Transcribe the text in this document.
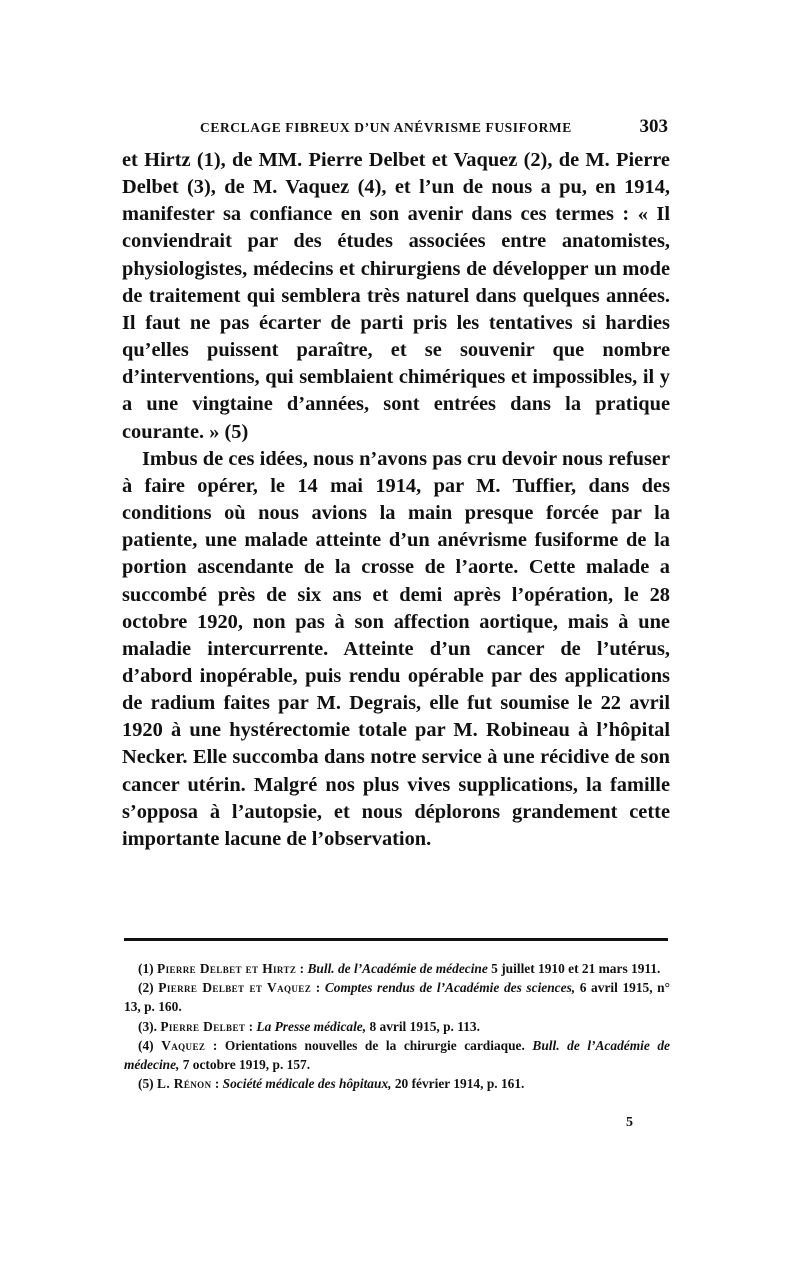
CERCLAGE FIBREUX D’UN ANÉVRISME FUSIFORME	303

et Hirtz (1), de MM. Pierre Delbet et Vaquez (2), de M. Pierre Delbet (3), de M. Vaquez (4), et l’un de nous a pu, en 1914, manifester sa confiance en son avenir dans ces termes : « Il conviendrait par des études associées entre anatomistes, physiologistes, médecins et chirurgiens de développer un mode de traitement qui semblera très naturel dans quelques années. Il faut ne pas écarter de parti pris les tentatives si hardies qu’elles puissent paraître, et se souvenir que nombre d’interventions, qui semblaient chimériques et impossibles, il y a une vingtaine d’années, sont entrées dans la pratique courante. » (5)

Imbus de ces idées, nous n’avons pas cru devoir nous refuser à faire opérer, le 14 mai 1914, par M. Tuffier, dans des conditions où nous avions la main presque forcée par la patiente, une malade atteinte d’un anévrisme fusiforme de la portion ascendante de la crosse de l’aorte. Cette malade a succombé près de six ans et demi après l’opération, le 28 octobre 1920, non pas à son affection aortique, mais à une maladie intercurrente. Atteinte d’un cancer de l’utérus, d’abord inopérable, puis rendu opérable par des applications de radium faites par M. Degrais, elle fut soumise le 22 avril 1920 à une hystérectomie totale par M. Robineau à l’hôpital Necker. Elle succomba dans notre service à une récidive de son cancer utérin. Malgré nos plus vives supplications, la famille s’opposa à l’autopsie, et nous déplorons grandement cette importante lacune de l’observation.

(1) Pierre Delbet et Hirtz : Bull. de l’Académie de médecine 5 juillet 1910 et 21 mars 1911.

(2) Pierre Delbet et Vaquez : Comptes rendus de l’Académie des sciences, 6 avril 1915, n° 13, p. 160.

(3). Pierre Delbet : La Presse médicale, 8 avril 1915, p. 113.

(4) Vaquez : Orientations nouvelles de la chirurgie cardiaque. Bull. de l’Académie de médecine, 7 octobre 1919, p. 157.

(5) L. Rénon : Société médicale des hôpitaux, 20 février 1914, p. 161.

5
